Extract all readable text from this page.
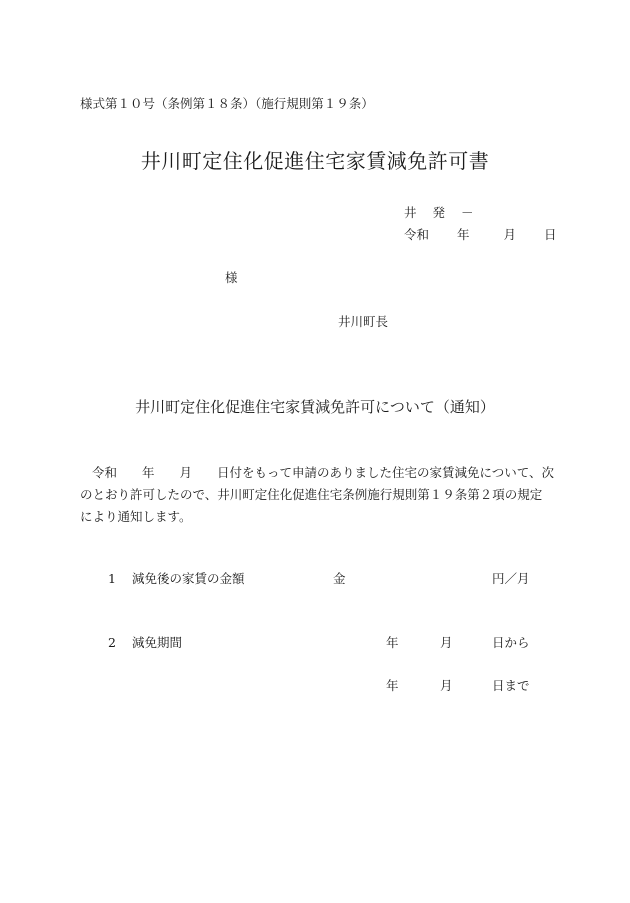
様式第１０号（条例第１８条）（施行規則第１９条）
井川町定住化促進住宅家賃減免許可書
井 発 －
令和 年	月 日
様
井川町長
井川町定住化促進住宅家賃減免許可について（通知）
令和　　年　　月　　日付をもって申請のありました住宅の家賃減免について、次のとおり許可したので、井川町定住化促進住宅条例施行規則第１９条第２項の規定により通知します。
1 減免後の家賃の金額	金	円／月
2 減免期間	年	月	日から
年	月	日まで
